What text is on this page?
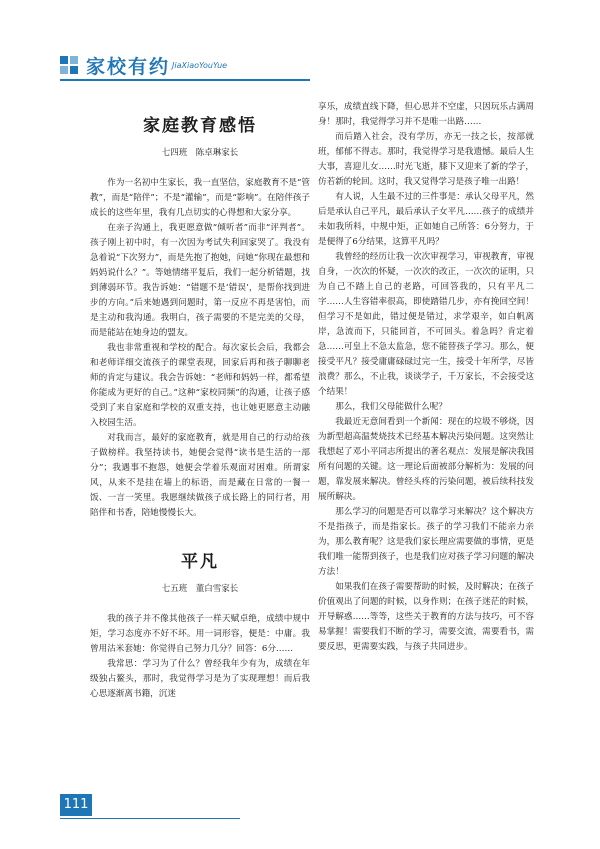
家校有约 JiaXiaoYouYue
家庭教育感悟
七四班　陈卓琳家长

作为一名初中生家长，我一直坚信，家庭教育不是“管教”，而是“陪伴”；不是“灌输”，而是“影响”。在陪伴孩子成长的这些年里，我有几点切实的心得想和大家分享。

在亲子沟通上，我更愿意做“倾听者”而非“评判者”。孩子刚上初中时，有一次因为考试失利回家哭了。我没有急着说“下次努力”，而是先抱了抱她，问她“你现在最想和妈妈说什么？”。等她情绪平复后，我们一起分析错题，找到薄弱环节。我告诉她：“错题不是‘错误’，是帮你找到进步的方向。”后来她遇到问题时，第一反应不再是害怕，而是主动和我沟通。我明白，孩子需要的不是完美的父母，而是能站在她身边的盟友。

我也非常重视和学校的配合。每次家长会后，我都会和老师详细交流孩子的课堂表现，回家后再和孩子聊聊老师的肯定与建议。我会告诉她：“老师和妈妈一样，都希望你能成为更好的自己。”这种“家校同频”的沟通，让孩子感受到了来自家庭和学校的双重支持，也让她更愿意主动融入校园生活。

对我而言，最好的家庭教育，就是用自己的行动给孩子做榜样。我坚持读书，她便会觉得“读书是生活的一部分”；我遇事不抱怨，她便会学着乐观面对困难。所谓家风，从来不是挂在墙上的标语，而是藏在日常的一餐一饭、一言一笑里。我愿继续做孩子成长路上的同行者，用陪伴和书香，陪她慢慢长大。

平凡
七五班　董白雪家长

我的孩子并不像其他孩子一样天赋卓绝，成绩中规中矩，学习态度亦不好不坏。用一词形容，便是：中庸。我曾用沽米套她：你觉得自己努力几分？回答：6分……

我常思：学习为了什么？曾经我年少有为，成绩在年级独占鳌头，那时，我觉得学习是为了实现理想！而后我心思逐渐离书籍，沉迷

享乐，成绩直线下降，但心思并不空虚，只因玩乐占满周身！那时，我觉得学习并不是唯一出路……

而后踏入社会，没有学历，亦无一技之长，按部就班，郁郁不得志。那时，我觉得学习是我遗憾。最后人生大事，喜迎儿女……时光飞逝，膝下又迎来了新的学子，仿若新的轮回。这时，我又觉得学习是孩子唯一出路！

有人说，人生最不过的三件事是：承认父母平凡，然后是承认自己平凡，最后承认子女平凡……孩子的成绩并未如我所料，中规中矩，正如她自己所答：6分努力，于是便得了6分结果，这算平凡吗？

我曾经的经历让我一次次审视学习，审视教育，审视自身，一次次的怀疑，一次次的改正，一次次的证明，只为自己不踏上自己的老路，可回答我的，只有平凡二字……人生容错率很高，即使踏错几步，亦有挽回空间！但学习不是如此，错过便是错过，求学艰辛，如白帆离岸，急流而下，只能回首，不可回头。着急吗？肯定着急……可皇上不急太监急，您不能替孩子学习。那么，便接受平凡？接受庸庸碌碌过完一生，接受十年所学，尽皆浪费？那么，不止我，谈谈学子，千万家长，不会接受这个结果！

那么，我们父母能做什么呢？

我最近无意间看到一个新闻：现在的垃圾不够烧，因为新型超高温焚烧技术已经基本解决污染问题。这突然让我想起了邓小平同志所提出的著名观点：发展是解决我国所有问题的关键。这一理论后面被部分解析为：发展的问题，靠发展来解决。曾经头疼的污染问题，被后续科技发展所解决。

那么学习的问题是否可以靠学习来解决？这个解决方不是指孩子，而是指家长。孩子的学习我们不能亲力亲为，那么教育呢？这是我们家长理应需要做的事情，更是我们唯一能帮到孩子，也是我们应对孩子学习问题的解决方法！

如果我们在孩子需要帮助的时候，及时解决；在孩子价值观出了问题的时候，以身作则；在孩子迷茫的时候，开导解惑……等等，这些关于教育的方法与技巧，可不容易掌握！需要我们不断的学习，需要交流，需要看书，需要反思，更需要实践，与孩子共同进步。

111
